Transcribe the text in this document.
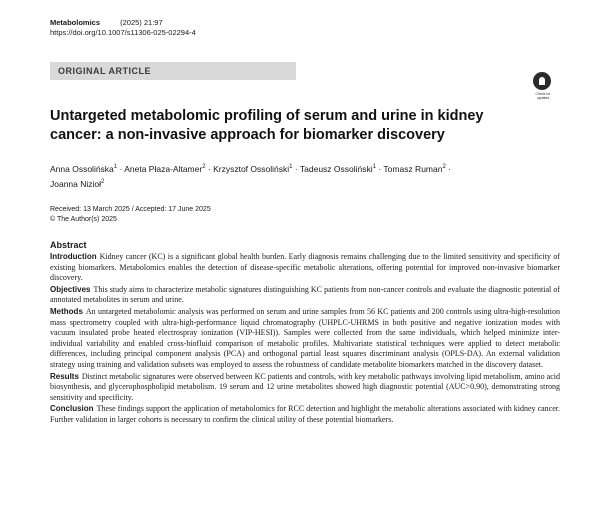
Metabolomics	(2025) 21:97
https://doi.org/10.1007/s11306-025-02294-4
ORIGINAL ARTICLE
Check for
updates
Untargeted metabolomic profiling of serum and urine in kidney
cancer: a non-invasive approach for biomarker discovery
Anna Ossolińska$^1$ · Aneta Płaza-Altamer$^2$ · Krzysztof Ossoliński$^1$ · Tadeusz Ossoliński$^1$ · Tomasz Ruman$^2$ ·
Joanna Nizioł$^2$
Received: 13 March 2025 / Accepted: 17 June 2025
© The Author(s) 2025
Abstract

Introduction Kidney cancer (KC) is a significant global health burden. Early diagnosis remains challenging due to the limited sensitivity and specificity of existing biomarkers. Metabolomics enables the detection of disease-specific metabolic alterations, offering potential for improved non-invasive biomarker discovery.

Objectives This study aims to characterize metabolic signatures distinguishing KC patients from non-cancer controls and evaluate the diagnostic potential of annotated metabolites in serum and urine.

Methods An untargeted metabolomic analysis was performed on serum and urine samples from 56 KC patients and 200 controls using ultra-high-resolution mass spectrometry coupled with ultra-high-performance liquid chromatography (UHPLC-UHRMS in both positive and negative ionization modes with vacuum insulated probe heated electrospray ionization (VIP-HESI)). Samples were collected from the same individuals, which helped minimize inter-individual variability and enabled cross-biofluid comparison of metabolic profiles. Multivariate statistical techniques were applied to detect metabolic differences, including principal component analysis (PCA) and orthogonal partial least squares discriminant analysis (OPLS-DA). An external validation strategy using training and validation subsets was employed to assess the robustness of candidate metabolite biomarkers matched in the discovery dataset.

Results Distinct metabolic signatures were observed between KC patients and controls, with key metabolic pathways involving lipid metabolism, amino acid biosynthesis, and glycerophospholipid metabolism. 19 serum and 12 urine metabolites showed high diagnostic potential (AUC>0.90), demonstrating strong sensitivity and specificity.

Conclusion These findings support the application of metabolomics for RCC detection and highlight the metabolic alterations associated with kidney cancer. Further validation in larger cohorts is necessary to confirm the clinical utility of these potential biomarkers.
